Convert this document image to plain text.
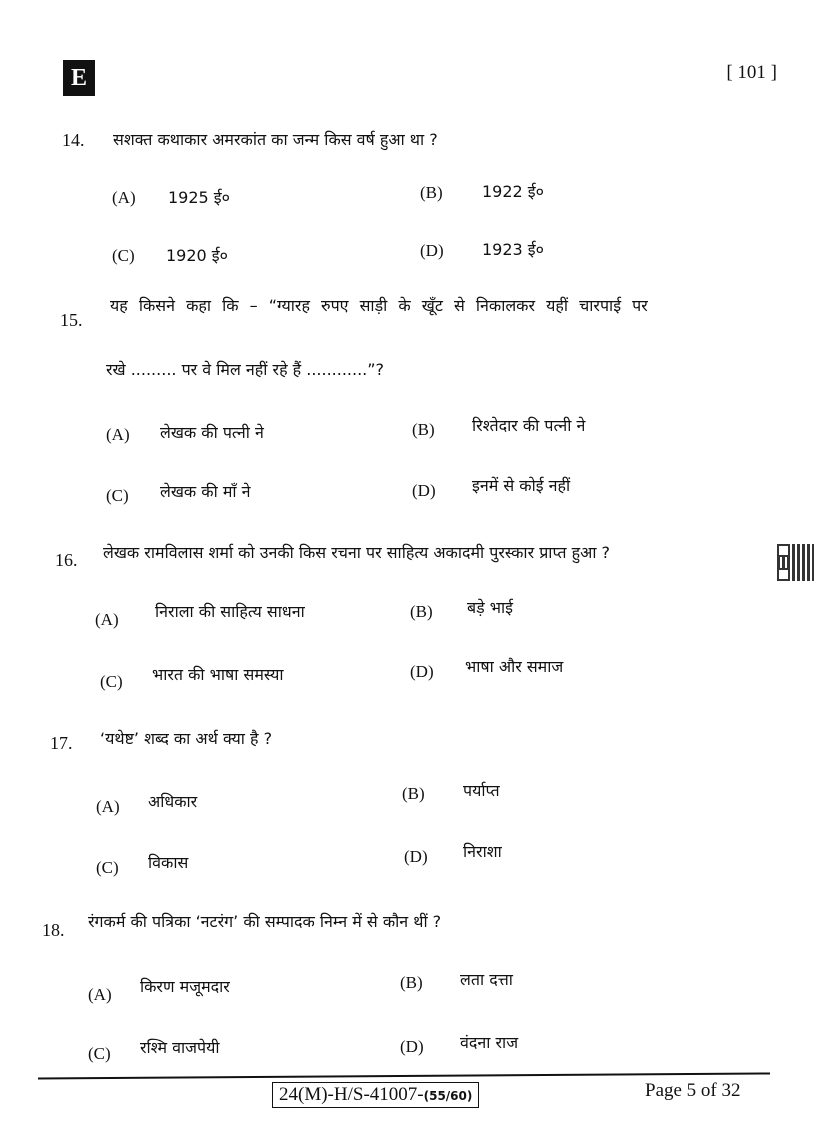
E	[ 101 ]
14. सशक्त कथाकार अमरकांत का जन्म किस वर्ष हुआ था ?
(A) 1925 ई०	(B) 1922 ई०
(C) 1920 ई०	(D) 1923 ई०
15.
यह किसने कहा कि – “ग्यारह रुपए साड़ी के खूँट से निकालकर यहीं चारपाई पर
रखे ......... पर वे मिल नहीं रहे हैं ............”?
(A) लेखक की पत्नी ने	(B) रिश्तेदार की पत्नी ने
(C) लेखक की माँ ने	(D) इनमें से कोई नहीं
16. लेखक रामविलास शर्मा को उनकी किस रचना पर साहित्य अकादमी पुरस्कार प्राप्त हुआ ?
(A) निराला की साहित्य साधना	(B) बड़े भाई
(C) भारत की भाषा समस्या	(D) भाषा और समाज
17. ‘यथेष्ट’ शब्द का अर्थ क्या है ?
(A) अधिकार	(B) पर्याप्त
(C) विकास	(D) निराशा
18. रंगकर्म की पत्रिका ‘नटरंग’ की सम्पादक निम्न में से कौन थीं ?
(A) किरण मजूमदार	(B) लता दत्ता
(C) रश्मि वाजपेयी	(D) वंदना राज
24(M)-H/S-41007-(55/60)	Page 5 of 32
